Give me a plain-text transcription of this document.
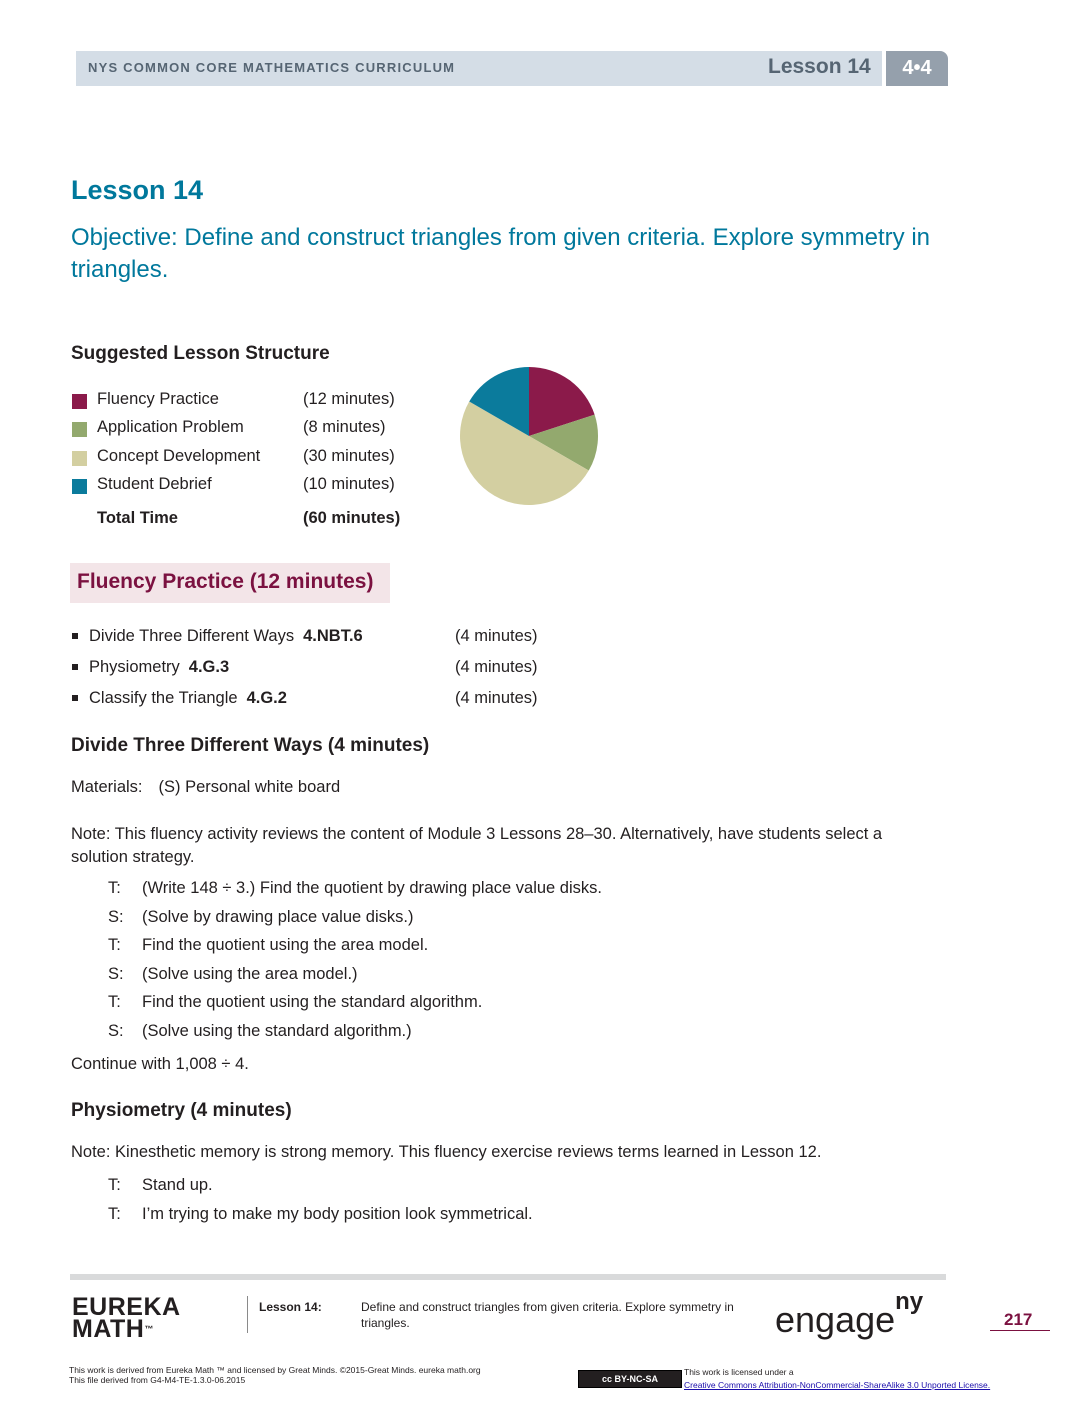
NYS COMMON CORE MATHEMATICS CURRICULUM	Lesson 14	4•4
Lesson 14
Objective: Define and construct triangles from given criteria. Explore symmetry in triangles.
Suggested Lesson Structure
Fluency Practice	(12 minutes)
Application Problem	(8 minutes)
Concept Development	(30 minutes)
Student Debrief	(10 minutes)
Total Time	(60 minutes)
Fluency Practice (12 minutes)
Divide Three Different Ways 4.NBT.6	(4 minutes)
Physiometry 4.G.3	(4 minutes)
Classify the Triangle 4.G.2	(4 minutes)
Divide Three Different Ways (4 minutes)
Materials: (S) Personal white board
Note: This fluency activity reviews the content of Module 3 Lessons 28–30. Alternatively, have students select a solution strategy.
T: (Write 148 ÷ 3.) Find the quotient by drawing place value disks.
S: (Solve by drawing place value disks.)
T: Find the quotient using the area model.
S: (Solve using the area model.)
T: Find the quotient using the standard algorithm.
S: (Solve using the standard algorithm.)
Continue with 1,008 ÷ 4.
Physiometry (4 minutes)
Note: Kinesthetic memory is strong memory. This fluency exercise reviews terms learned in Lesson 12.
T: Stand up.
T: I’m trying to make my body position look symmetrical.
EUREKA
MATH™
Lesson 14:	Define and construct triangles from given criteria. Explore symmetry in triangles.	engage$^{ny}$
217
This work is derived from Eureka Math ™ and licensed by Great Minds. ©2015-Great Minds. eureka math.org
This file derived from G4-M4-TE-1.3.0-06.2015	cc BY-NC-SA
This work is licensed under a
Creative Commons Attribution-NonCommercial-ShareAlike 3.0 Unported License.
